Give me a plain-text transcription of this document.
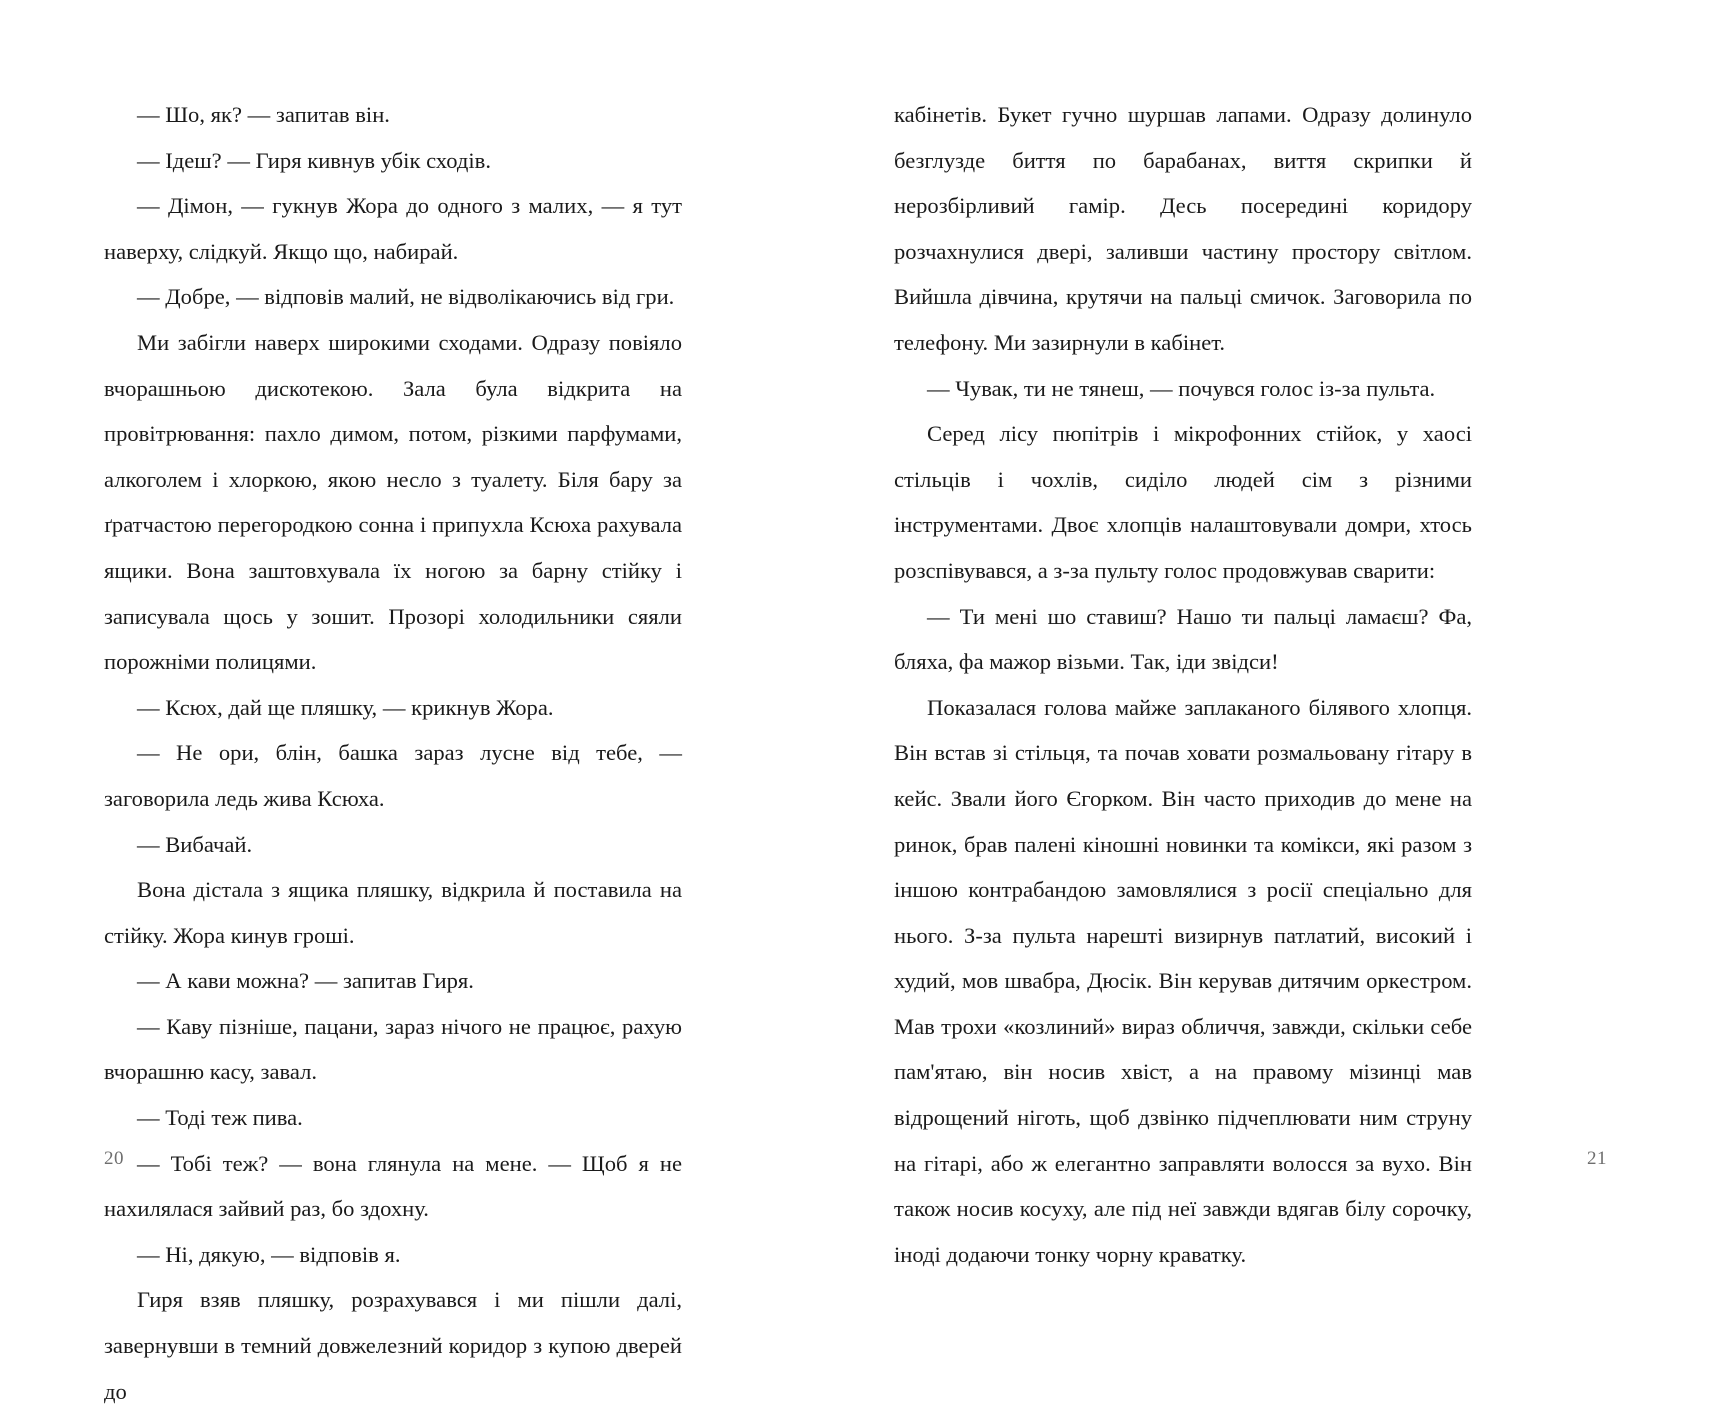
— Шо, як? — запитав він.

— Ідеш? — Гиря кивнув убік сходів.

— Дімон, — гукнув Жора до одного з малих, — я тут наверху, слідкуй. Якщо що, набирай.

— Добре, — відповів малий, не відволікаючись від гри.

Ми забігли наверх широкими сходами. Одразу повіяло вчорашньою дискотекою. Зала була відкрита на провітрювання: пахло димом, потом, різкими парфумами, алкоголем і хлоркою, якою несло з туалету. Біля бару за ґратчастою перегородкою сонна і припухла Ксюха рахувала ящики. Вона заштовхувала їх ногою за барну стійку і записувала щось у зошит. Прозорі холодильники сяяли порожніми полицями.

— Ксюх, дай ще пляшку, — крикнув Жора.

— Не ори, блін, башка зараз лусне від тебе, — заговорила ледь жива Ксюха.

— Вибачай.

Вона дістала з ящика пляшку, відкрила й поставила на стійку. Жора кинув гроші.

— А кави можна? — запитав Гиря.

— Каву пізніше, пацани, зараз нічого не працює, рахую вчорашню касу, завал.

— Тоді теж пива.

— Тобі теж? — вона глянула на мене. — Щоб я не нахилялася зайвий раз, бо здохну.

— Ні, дякую, — відповів я.

Гиря взяв пляшку, розрахувався і ми пішли далі, завернувши в темний довжелезний коридор з купою дверей до

20

кабінетів. Букет гучно шуршав лапами. Одразу долинуло безглузде биття по барабанах, виття скрипки й нерозбірливий гамір. Десь посередині коридору розчахнулися двері, заливши частину простору світлом. Вийшла дівчина, крутячи на пальці смичок. Заговорила по телефону. Ми зазирнули в кабінет.

— Чувак, ти не тянеш, — почувся голос із-за пульта.

Серед лісу пюпітрів і мікрофонних стійок, у хаосі стільців і чохлів, сиділо людей сім з різними інструментами. Двоє хлопців налаштовували домри, хтось розспівувався, а з-за пульту голос продовжував сварити:

— Ти мені шо ставиш? Нашо ти пальці ламаєш? Фа, бляха, фа мажор візьми. Так, іди звідси!

Показалася голова майже заплаканого білявого хлопця. Він встав зі стільця, та почав ховати розмальовану гітару в кейс. Звали його Єгорком. Він часто приходив до мене на ринок, брав палені кіношні новинки та комікси, які разом з іншою контрабандою замовлялися з росії спеціально для нього. З-за пульта нарешті визирнув патлатий, високий і худий, мов швабра, Дюсік. Він керував дитячим оркестром. Мав трохи «козлиний» вираз обличчя, завжди, скільки себе пам'ятаю, він носив хвіст, а на правому мізинці мав відрощений ніготь, щоб дзвінко підчеплювати ним струну на гітарі, або ж елегантно заправляти волосся за вухо. Він також носив косуху, але під неї завжди вдягав білу сорочку, іноді додаючи тонку чорну краватку.

21
